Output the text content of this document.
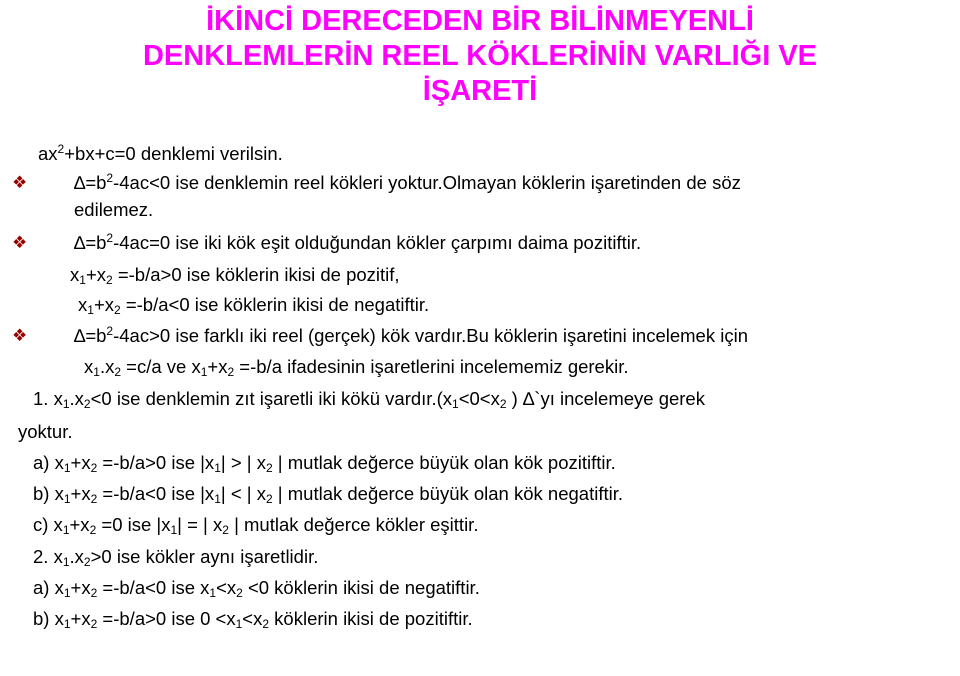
İKİNCİ DERECEDEN BİR BİLİNMEYENLİ
DENKLEMLERİN REEL KÖKLERİNİN VARLIĞI VE
İŞARETİ
$ax^2+bx+c=0$ denklemi verilsin.
❖	$\Delta=b^2-4ac<0$ ise denklemin reel kökleri yoktur.Olmayan köklerin işaretinden de söz
edilemez.
❖	$\Delta=b^2-4ac=0$ ise iki kök eşit olduğundan kökler çarpımı daima pozitiftir.
$x_1+x_2 =-b/a>0$ ise köklerin ikisi de pozitif,
$x_1+x_2 =-b/a<0$ ise köklerin ikisi de negatiftir.
❖	$\Delta=b^2-4ac>0$ ise farklı iki reel (gerçek) kök vardır.Bu köklerin işaretini incelemek için
$x_1.x_2 =c/a$ ve $x_1+x_2 =-b/a$ ifadesinin işaretlerini incelememiz gerekir.
1. $x_1.x_2<0$ ise denklemin zıt işaretli iki kökü $vardır.(x_1<0<x_2$ ) ∆`yı incelemeye gerek
yoktur.
a) $x_1+x_2 =-b/a>0$ ise $|x_1|$ > | $x_2$ | mutlak değerce büyük olan kök pozitiftir.
b) $x_1+x_2 =-b/a<0$ ise $|x_1|$ < | $x_2$ | mutlak değerce büyük olan kök negatiftir.
c) $x_1+x_2 =0$ ise $|x_1|$ = | $x_2$ | mutlak değerce kökler eşittir.
2. $x_1.x_2>0$ ise kökler aynı işaretlidir.
a) $x_1+x_2 =-b/a<0$ ise $x_1<x_2 <0$ köklerin ikisi de negatiftir.
b) $x_1+x_2 =-b/a>0$ ise $0 <x_1<x_2$ köklerin ikisi de pozitiftir.
